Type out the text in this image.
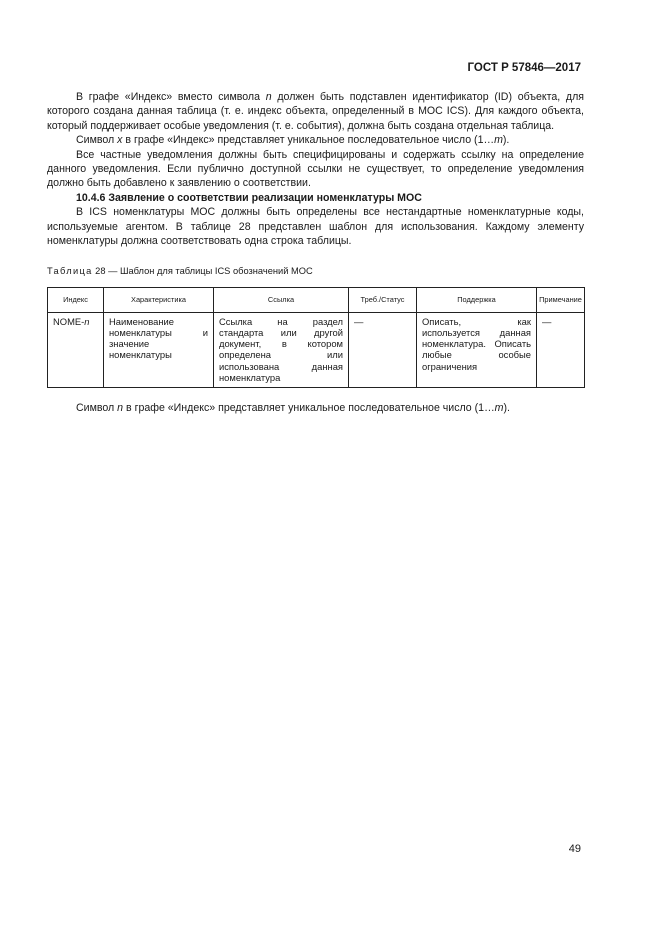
ГОСТ Р 57846—2017

В графе «Индекс» вместо символа n должен быть подставлен идентификатор (ID) объекта, для которого создана данная таблица (т. е. индекс объекта, определенный в МОС ICS). Для каждого объекта, который поддерживает особые уведомления (т. е. события), должна быть создана отдельная таблица.

Символ x в графе «Индекс» представляет уникальное последовательное число (1…m).

Все частные уведомления должны быть специфицированы и содержать ссылку на определение данного уведомления. Если публично доступной ссылки не существует, то определение уведомления должно быть добавлено к заявлению о соответствии.

10.4.6 Заявление о соответствии реализации номенклатуры МОС

В ICS номенклатуры МОС должны быть определены все нестандартные номенклатурные коды, используемые агентом. В таблице 28 представлен шаблон для использования. Каждому элементу номенклатуры должна соответствовать одна строка таблицы.

Таблица 28 — Шаблон для таблицы ICS обозначений МОС

Индекс	Характеристика	Ссылка	Треб./Статус	Поддержка	Примечание
NOME-n	Наименование номенклатуры и значение номенклатуры	Ссылка на раздел стандарта или другой документ, в котором определена или использована данная номенклатура	—	Описать, как используется данная номенклатура. Описать любые особые ограничения	—

Символ n в графе «Индекс» представляет уникальное последовательное число (1…m).

49
